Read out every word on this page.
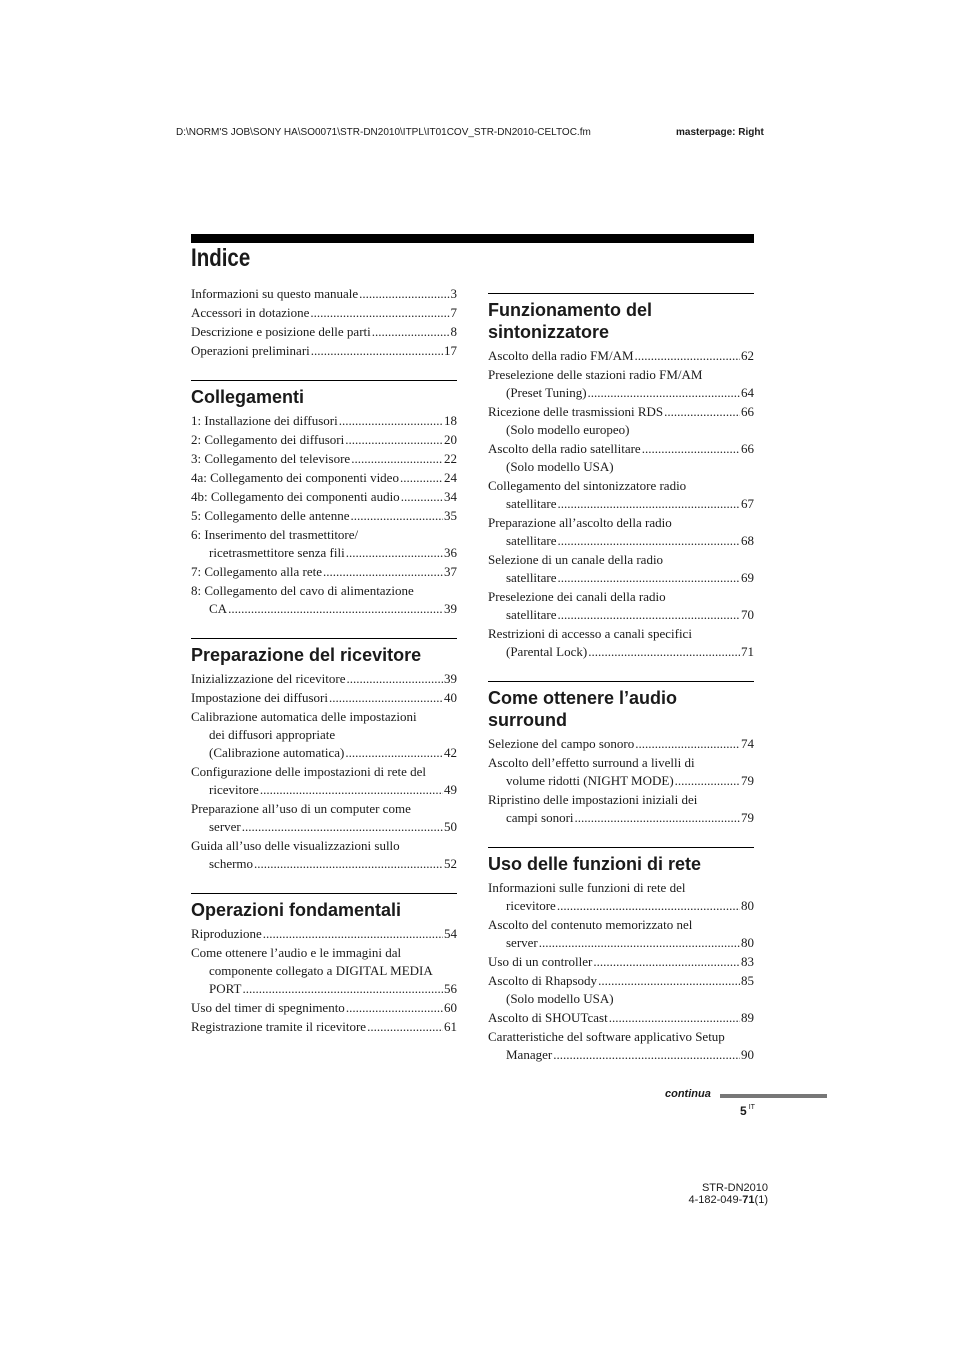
D:\NORM'S JOB\SONY HA\SO0071\STR-DN2010\ITPL\IT01COV_STR-DN2010-CELTOC.fm	masterpage: Right
Indice
Informazioni su questo manuale .....	3
Accessori in dotazione .....	7
Descrizione e posizione delle parti .....	8
Operazioni preliminari .....	17
Collegamenti
1: Installazione dei diffusori .....	18
2: Collegamento dei diffusori .....	20
3: Collegamento del televisore .....	22
4a: Collegamento dei componenti video .....	24
4b: Collegamento dei componenti audio .....	34
5: Collegamento delle antenne .....	35
6: Inserimento del trasmettitore/
ricetrasmettitore senza fili .....	36
7: Collegamento alla rete .....	37
8: Collegamento del cavo di alimentazione
CA .....	39
Preparazione del ricevitore
Inizializzazione del ricevitore .....	39
Impostazione dei diffusori .....	40
Calibrazione automatica delle impostazioni
dei diffusori appropriate
(Calibrazione automatica) .....	42
Configurazione delle impostazioni di rete del
ricevitore .....	49
Preparazione all’uso di un computer come
server .....	50
Guida all’uso delle visualizzazioni sullo
schermo .....	52
Operazioni fondamentali
Riproduzione .....	54
Come ottenere l’audio e le immagini dal
componente collegato a DIGITAL MEDIA
PORT .....	56
Uso del timer di spegnimento .....	60
Registrazione tramite il ricevitore .....	61
Funzionamento del sintonizzatore
Ascolto della radio FM/AM .....	62
Preselezione delle stazioni radio FM/AM
(Preset Tuning) .....	64
Ricezione delle trasmissioni RDS .....	66
(Solo modello europeo)
Ascolto della radio satellitare .....	66
(Solo modello USA)
Collegamento del sintonizzatore radio
satellitare .....	67
Preparazione all’ascolto della radio
satellitare .....	68
Selezione di un canale della radio
satellitare .....	69
Preselezione dei canali della radio
satellitare .....	70
Restrizioni di accesso a canali specifici
(Parental Lock) .....	71
Come ottenere l’audio surround
Selezione del campo sonoro .....	74
Ascolto dell’effetto surround a livelli di
volume ridotti (NIGHT MODE) .....	79
Ripristino delle impostazioni iniziali dei
campi sonori .....	79
Uso delle funzioni di rete
Informazioni sulle funzioni di rete del
ricevitore .....	80
Ascolto del contenuto memorizzato nel
server .....	80
Uso di un controller .....	83
Ascolto di Rhapsody .....	85
(Solo modello USA)
Ascolto di SHOUTcast .....	89
Caratteristiche del software applicativo Setup
Manager .....	90
continua
5 $^{IT}$
STR-DN2010
4-182-049-71(1)
